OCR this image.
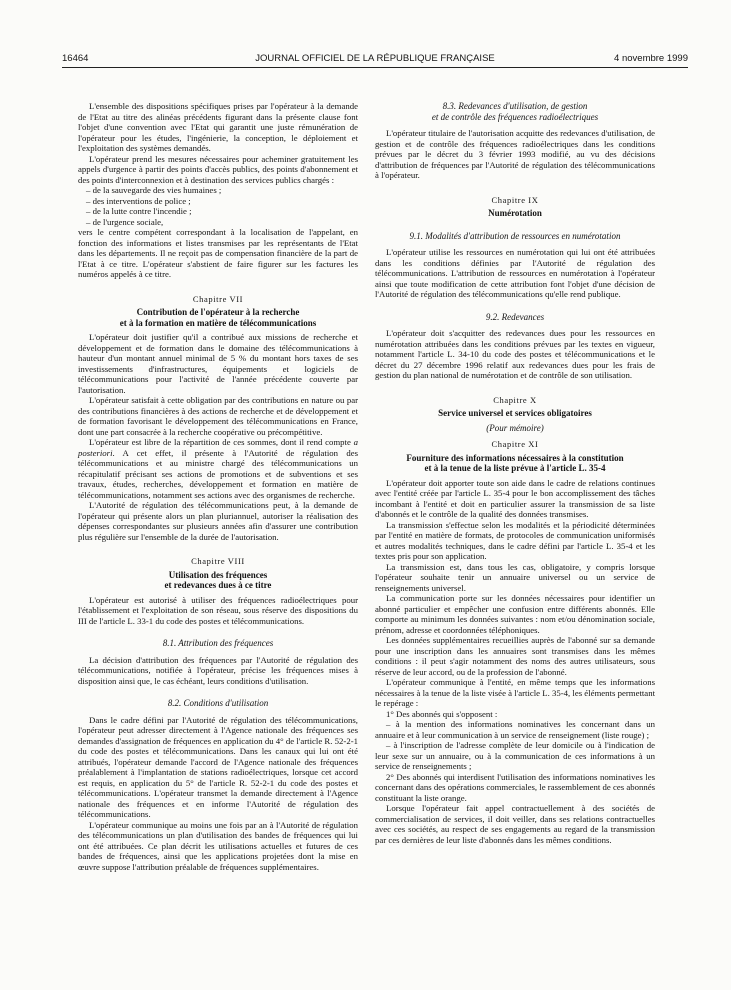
16464	JOURNAL OFFICIEL DE LA RÉPUBLIQUE FRANÇAISE	4 novembre 1999

L'ensemble des dispositions spécifiques prises par l'opérateur à la demande de l'Etat au titre des alinéas précédents figurant dans la présente clause font l'objet d'une convention avec l'Etat qui garantit une juste rémunération de l'opérateur pour les études, l'ingénierie, la conception, le déploiement et l'exploitation des systèmes demandés.

L'opérateur prend les mesures nécessaires pour acheminer gratuitement les appels d'urgence à partir des points d'accès publics, des points d'abonnement et des points d'interconnexion et à destination des services publics chargés :

– de la sauvegarde des vies humaines ;

– des interventions de police ;

– de la lutte contre l'incendie ;

– de l'urgence sociale,

vers le centre compétent correspondant à la localisation de l'appelant, en fonction des informations et listes transmises par les représentants de l'Etat dans les départements. Il ne reçoit pas de compensation financière de la part de l'Etat à ce titre. L'opérateur s'abstient de faire figurer sur les factures les numéros appelés à ce titre.

Chapitre VII
Contribution de l'opérateur à la recherche
et à la formation en matière de télécommunications

L'opérateur doit justifier qu'il a contribué aux missions de recherche et développement et de formation dans le domaine des télécommunications à hauteur d'un montant annuel minimal de 5 % du montant hors taxes de ses investissements d'infrastructures, équipements et logiciels de télécommunications pour l'activité de l'année précédente couverte par l'autorisation.

L'opérateur satisfait à cette obligation par des contributions en nature ou par des contributions financières à des actions de recherche et de développement et de formation favorisant le développement des télécommunications en France, dont une part consacrée à la recherche coopérative ou précompétitive.

L'opérateur est libre de la répartition de ces sommes, dont il rend compte a posteriori. A cet effet, il présente à l'Autorité de régulation des télécommunications et au ministre chargé des télécommunications un récapitulatif précisant ses actions de promotions et de subventions et ses travaux, études, recherches, développement et formation en matière de télécommunications, notamment ses actions avec des organismes de recherche.

L'Autorité de régulation des télécommunications peut, à la demande de l'opérateur qui présente alors un plan pluriannuel, autoriser la réalisation des dépenses correspondantes sur plusieurs années afin d'assurer une contribution plus régulière sur l'ensemble de la durée de l'autorisation.

Chapitre VIII
Utilisation des fréquences
et redevances dues à ce titre

L'opérateur est autorisé à utiliser des fréquences radioélectriques pour l'établissement et l'exploitation de son réseau, sous réserve des dispositions du III de l'article L. 33-1 du code des postes et télécommunications.

8.1. Attribution des fréquences

La décision d'attribution des fréquences par l'Autorité de régulation des télécommunications, notifiée à l'opérateur, précise les fréquences mises à disposition ainsi que, le cas échéant, leurs conditions d'utilisation.

8.2. Conditions d'utilisation

Dans le cadre défini par l'Autorité de régulation des télécommunications, l'opérateur peut adresser directement à l'Agence nationale des fréquences ses demandes d'assignation de fréquences en application du 4° de l'article R. 52-2-1 du code des postes et télécommunications. Dans les canaux qui lui ont été attribués, l'opérateur demande l'accord de l'Agence nationale des fréquences préalablement à l'implantation de stations radioélectriques, lorsque cet accord est requis, en application du 5° de l'article R. 52-2-1 du code des postes et télécommunications. L'opérateur transmet la demande directement à l'Agence nationale des fréquences et en informe l'Autorité de régulation des télécommunications.

L'opérateur communique au moins une fois par an à l'Autorité de régulation des télécommunications un plan d'utilisation des bandes de fréquences qui lui ont été attribuées. Ce plan décrit les utilisations actuelles et futures de ces bandes de fréquences, ainsi que les applications projetées dont la mise en œuvre suppose l'attribution préalable de fréquences supplémentaires.

8.3. Redevances d'utilisation, de gestion
et de contrôle des fréquences radioélectriques

L'opérateur titulaire de l'autorisation acquitte des redevances d'utilisation, de gestion et de contrôle des fréquences radioélectriques dans les conditions prévues par le décret du 3 février 1993 modifié, au vu des décisions d'attribution de fréquences par l'Autorité de régulation des télécommunications à l'opérateur.

Chapitre IX
Numérotation
9.1. Modalités d'attribution de ressources en numérotation

L'opérateur utilise les ressources en numérotation qui lui ont été attribuées dans les conditions définies par l'Autorité de régulation des télécommunications. L'attribution de ressources en numérotation à l'opérateur ainsi que toute modification de cette attribution font l'objet d'une décision de l'Autorité de régulation des télécommunications qu'elle rend publique.

9.2. Redevances

L'opérateur doit s'acquitter des redevances dues pour les ressources en numérotation attribuées dans les conditions prévues par les textes en vigueur, notamment l'article L. 34-10 du code des postes et télécommunications et le décret du 27 décembre 1996 relatif aux redevances dues pour les frais de gestion du plan national de numérotation et de contrôle de son utilisation.

Chapitre X
Service universel et services obligatoires
(Pour mémoire)
Chapitre XI
Fourniture des informations nécessaires à la constitution
et à la tenue de la liste prévue à l'article L. 35-4

L'opérateur doit apporter toute son aide dans le cadre de relations continues avec l'entité créée par l'article L. 35-4 pour le bon accomplissement des tâches incombant à l'entité et doit en particulier assurer la transmission de sa liste d'abonnés et le contrôle de la qualité des données transmises.

La transmission s'effectue selon les modalités et la périodicité déterminées par l'entité en matière de formats, de protocoles de communication uniformisés et autres modalités techniques, dans le cadre défini par l'article L. 35-4 et les textes pris pour son application.

La transmission est, dans tous les cas, obligatoire, y compris lorsque l'opérateur souhaite tenir un annuaire universel ou un service de renseignements universel.

La communication porte sur les données nécessaires pour identifier un abonné particulier et empêcher une confusion entre différents abonnés. Elle comporte au minimum les données suivantes : nom et/ou dénomination sociale, prénom, adresse et coordonnées téléphoniques.

Les données supplémentaires recueillies auprès de l'abonné sur sa demande pour une inscription dans les annuaires sont transmises dans les mêmes conditions : il peut s'agir notamment des noms des autres utilisateurs, sous réserve de leur accord, ou de la profession de l'abonné.

L'opérateur communique à l'entité, en même temps que les informations nécessaires à la tenue de la liste visée à l'article L. 35-4, les éléments permettant le repérage :

1° Des abonnés qui s'opposent :

– à la mention des informations nominatives les concernant dans un annuaire et à leur communication à un service de renseignement (liste rouge) ;

– à l'inscription de l'adresse complète de leur domicile ou à l'indication de leur sexe sur un annuaire, ou à la communication de ces informations à un service de renseignements ;

2° Des abonnés qui interdisent l'utilisation des informations nominatives les concernant dans des opérations commerciales, le rassemblement de ces abonnés constituant la liste orange.

Lorsque l'opérateur fait appel contractuellement à des sociétés de commercialisation de services, il doit veiller, dans ses relations contractuelles avec ces sociétés, au respect de ses engagements au regard de la transmission par ces dernières de leur liste d'abonnés dans les mêmes conditions.
